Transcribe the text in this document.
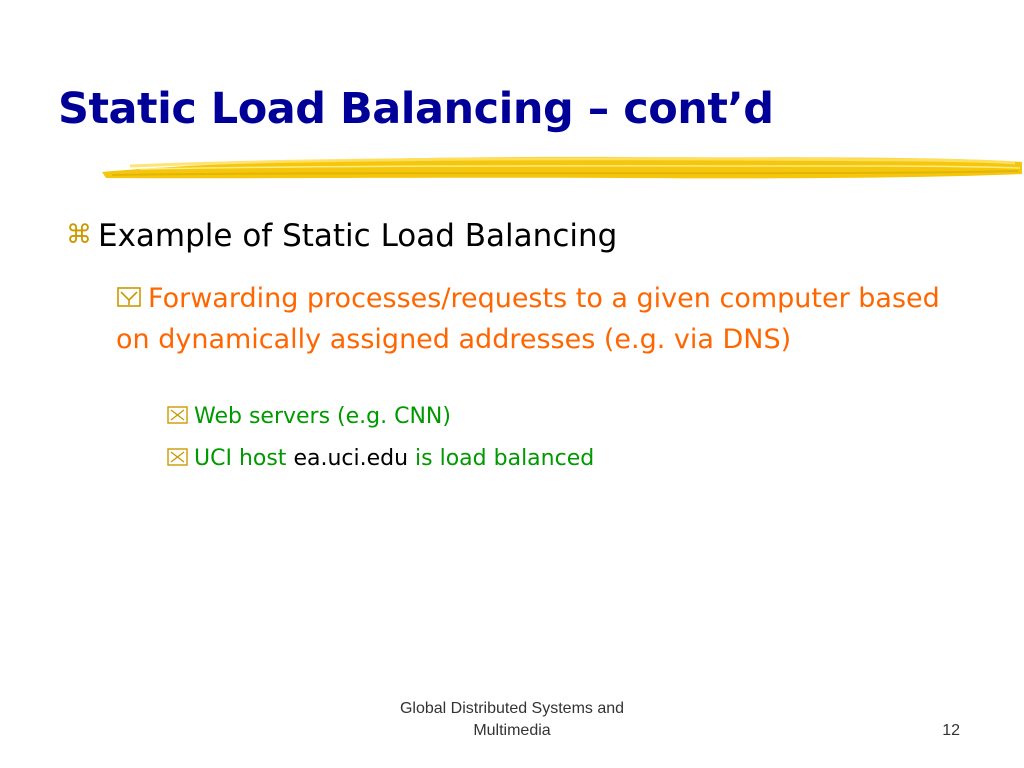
Static Load Balancing – cont’d
⌘ Example of Static Load Balancing
Forwarding processes/requests to a given computer based on dynamically assigned addresses (e.g. via DNS)
Web servers (e.g. CNN)
UCI host ea.uci.edu is load balanced
Global Distributed Systems and
Multimedia	12
